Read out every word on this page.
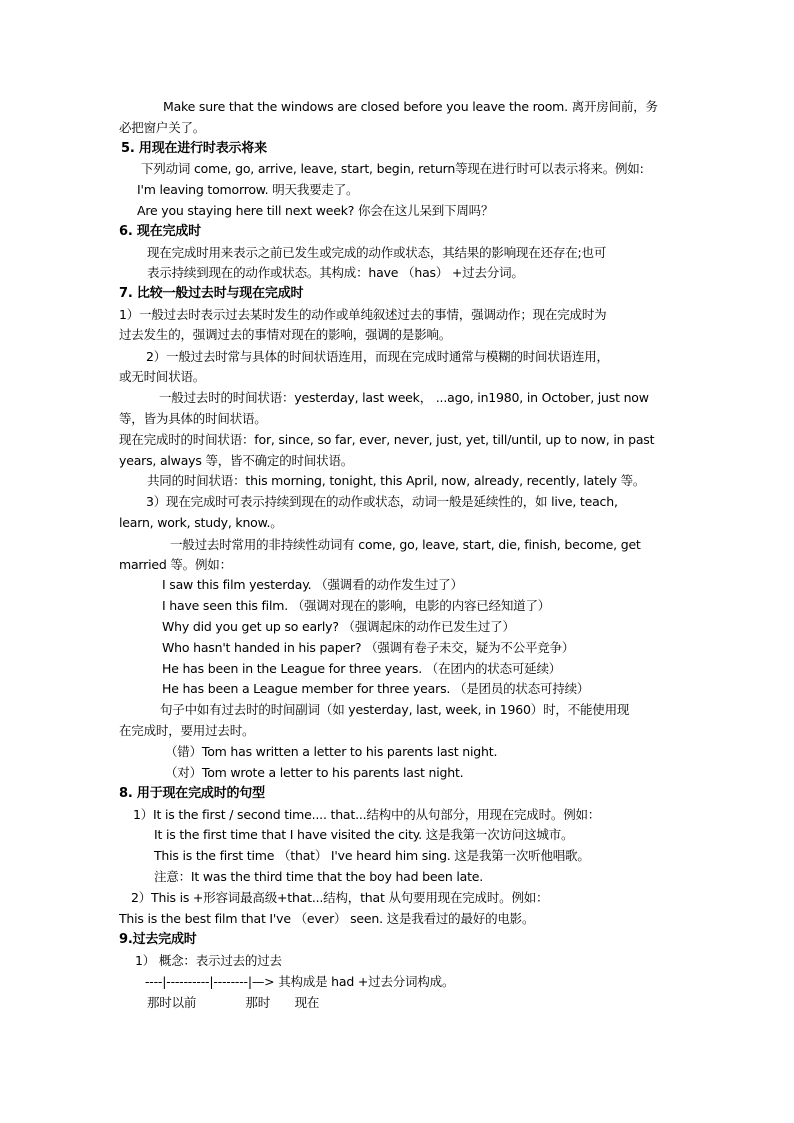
Make sure that the windows are closed before you leave the room. 离开房间前，务
必把窗户关了。
5. 用现在进行时表示将来
下列动词 come, go, arrive, leave, start, begin, return等现在进行时可以表示将来。例如:
I'm leaving tomorrow. 明天我要走了。
Are you staying here till next week? 你会在这儿呆到下周吗？
6. 现在完成时
现在完成时用来表示之前已发生或完成的动作或状态，其结果的影响现在还存在;也可
表示持续到现在的动作或状态。其构成：have （has） +过去分词。
7. 比较一般过去时与现在完成时
1）一般过去时表示过去某时发生的动作或单纯叙述过去的事情，强调动作；现在完成时为
过去发生的，强调过去的事情对现在的影响，强调的是影响。
2）一般过去时常与具体的时间状语连用，而现在完成时通常与模糊的时间状语连用，
或无时间状语。
一般过去时的时间状语：yesterday, last week， ...ago, in1980, in October, just now
等，皆为具体的时间状语。
现在完成时的时间状语：for, since, so far, ever, never, just, yet, till/until, up to now, in past
years, always 等，皆不确定的时间状语。
共同的时间状语：this morning, tonight, this April, now, already, recently, lately 等。
3）现在完成时可表示持续到现在的动作或状态，动词一般是延续性的，如 live, teach,
learn, work, study, know.。
一般过去时常用的非持续性动词有 come, go, leave, start, die, finish, become, get
married 等。例如：
I saw this film yesterday. （强调看的动作发生过了）
I have seen this film. （强调对现在的影响，电影的内容已经知道了）
Why did you get up so early? （强调起床的动作已发生过了）
Who hasn't handed in his paper? （强调有卷子未交，疑为不公平竞争）
He has been in the League for three years. （在团内的状态可延续）
He has been a League member for three years. （是团员的状态可持续）
句子中如有过去时的时间副词（如 yesterday, last, week, in 1960）时，不能使用现
在完成时，要用过去时。
（错）Tom has written a letter to his parents last night.
（对）Tom wrote a letter to his parents last night.
8. 用于现在完成时的句型
1）It is the first / second time.... that...结构中的从句部分，用现在完成时。例如：
It is the first time that I have visited the city. 这是我第一次访问这城市。
This is the first time （that） I've heard him sing. 这是我第一次听他唱歌。
注意：It was the third time that the boy had been late.
2）This is +形容词最高级+that...结构，that 从句要用现在完成时。例如：
This is the best film that I've （ever） seen. 这是我看过的最好的电影。
9.过去完成时
1） 概念：表示过去的过去
----|----------|--------|—> 其构成是 had +过去分词构成。
那时以前　　　　那时　　现在
